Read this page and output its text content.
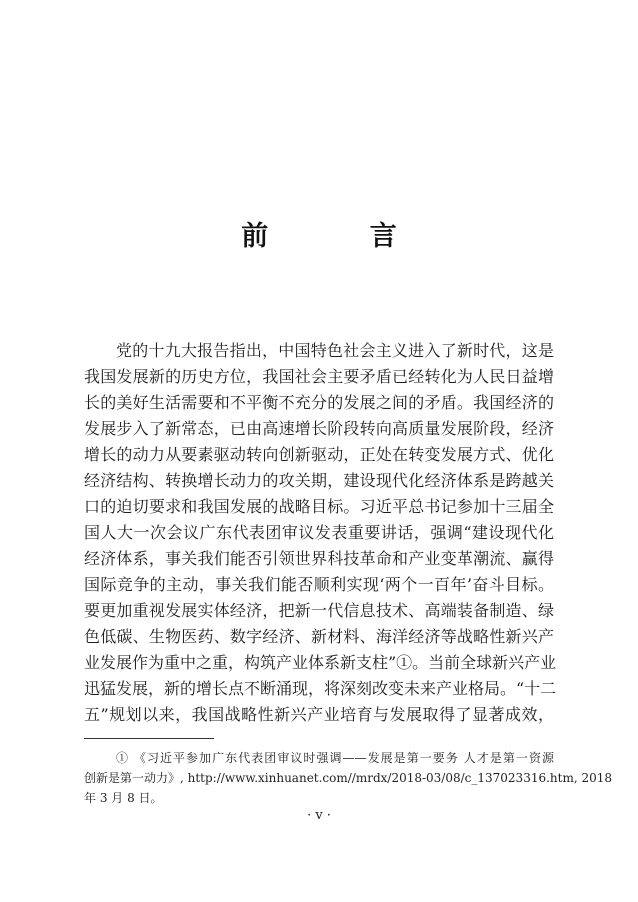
前 言
党的十九大报告指出，中国特色社会主义进入了新时代，这是
我国发展新的历史方位，我国社会主要矛盾已经转化为人民日益增
长的美好生活需要和不平衡不充分的发展之间的矛盾。我国经济的
发展步入了新常态，已由高速增长阶段转向高质量发展阶段，经济
增长的动力从要素驱动转向创新驱动，正处在转变发展方式、优化
经济结构、转换增长动力的攻关期，建设现代化经济体系是跨越关
口的迫切要求和我国发展的战略目标。习近平总书记参加十三届全
国人大一次会议广东代表团审议发表重要讲话，强调“建设现代化
经济体系，事关我们能否引领世界科技革命和产业变革潮流、赢得
国际竞争的主动，事关我们能否顺利实现‘两个一百年’奋斗目标。
要更加重视发展实体经济，把新一代信息技术、高端装备制造、绿
色低碳、生物医药、数字经济、新材料、海洋经济等战略性新兴产
业发展作为重中之重，构筑产业体系新支柱”①。当前全球新兴产业
迅猛发展，新的增长点不断涌现，将深刻改变未来产业格局。“十二
五”规划以来，我国战略性新兴产业培育与发展取得了显著成效，
① 《习近平参加广东代表团审议时强调——发展是第一要务 人才是第一资源
创新是第一动力》, http://www.xinhuanet.com//mrdx/2018-03/08/c_137023316.htm, 2018
年 3 月 8 日。
· v ·
